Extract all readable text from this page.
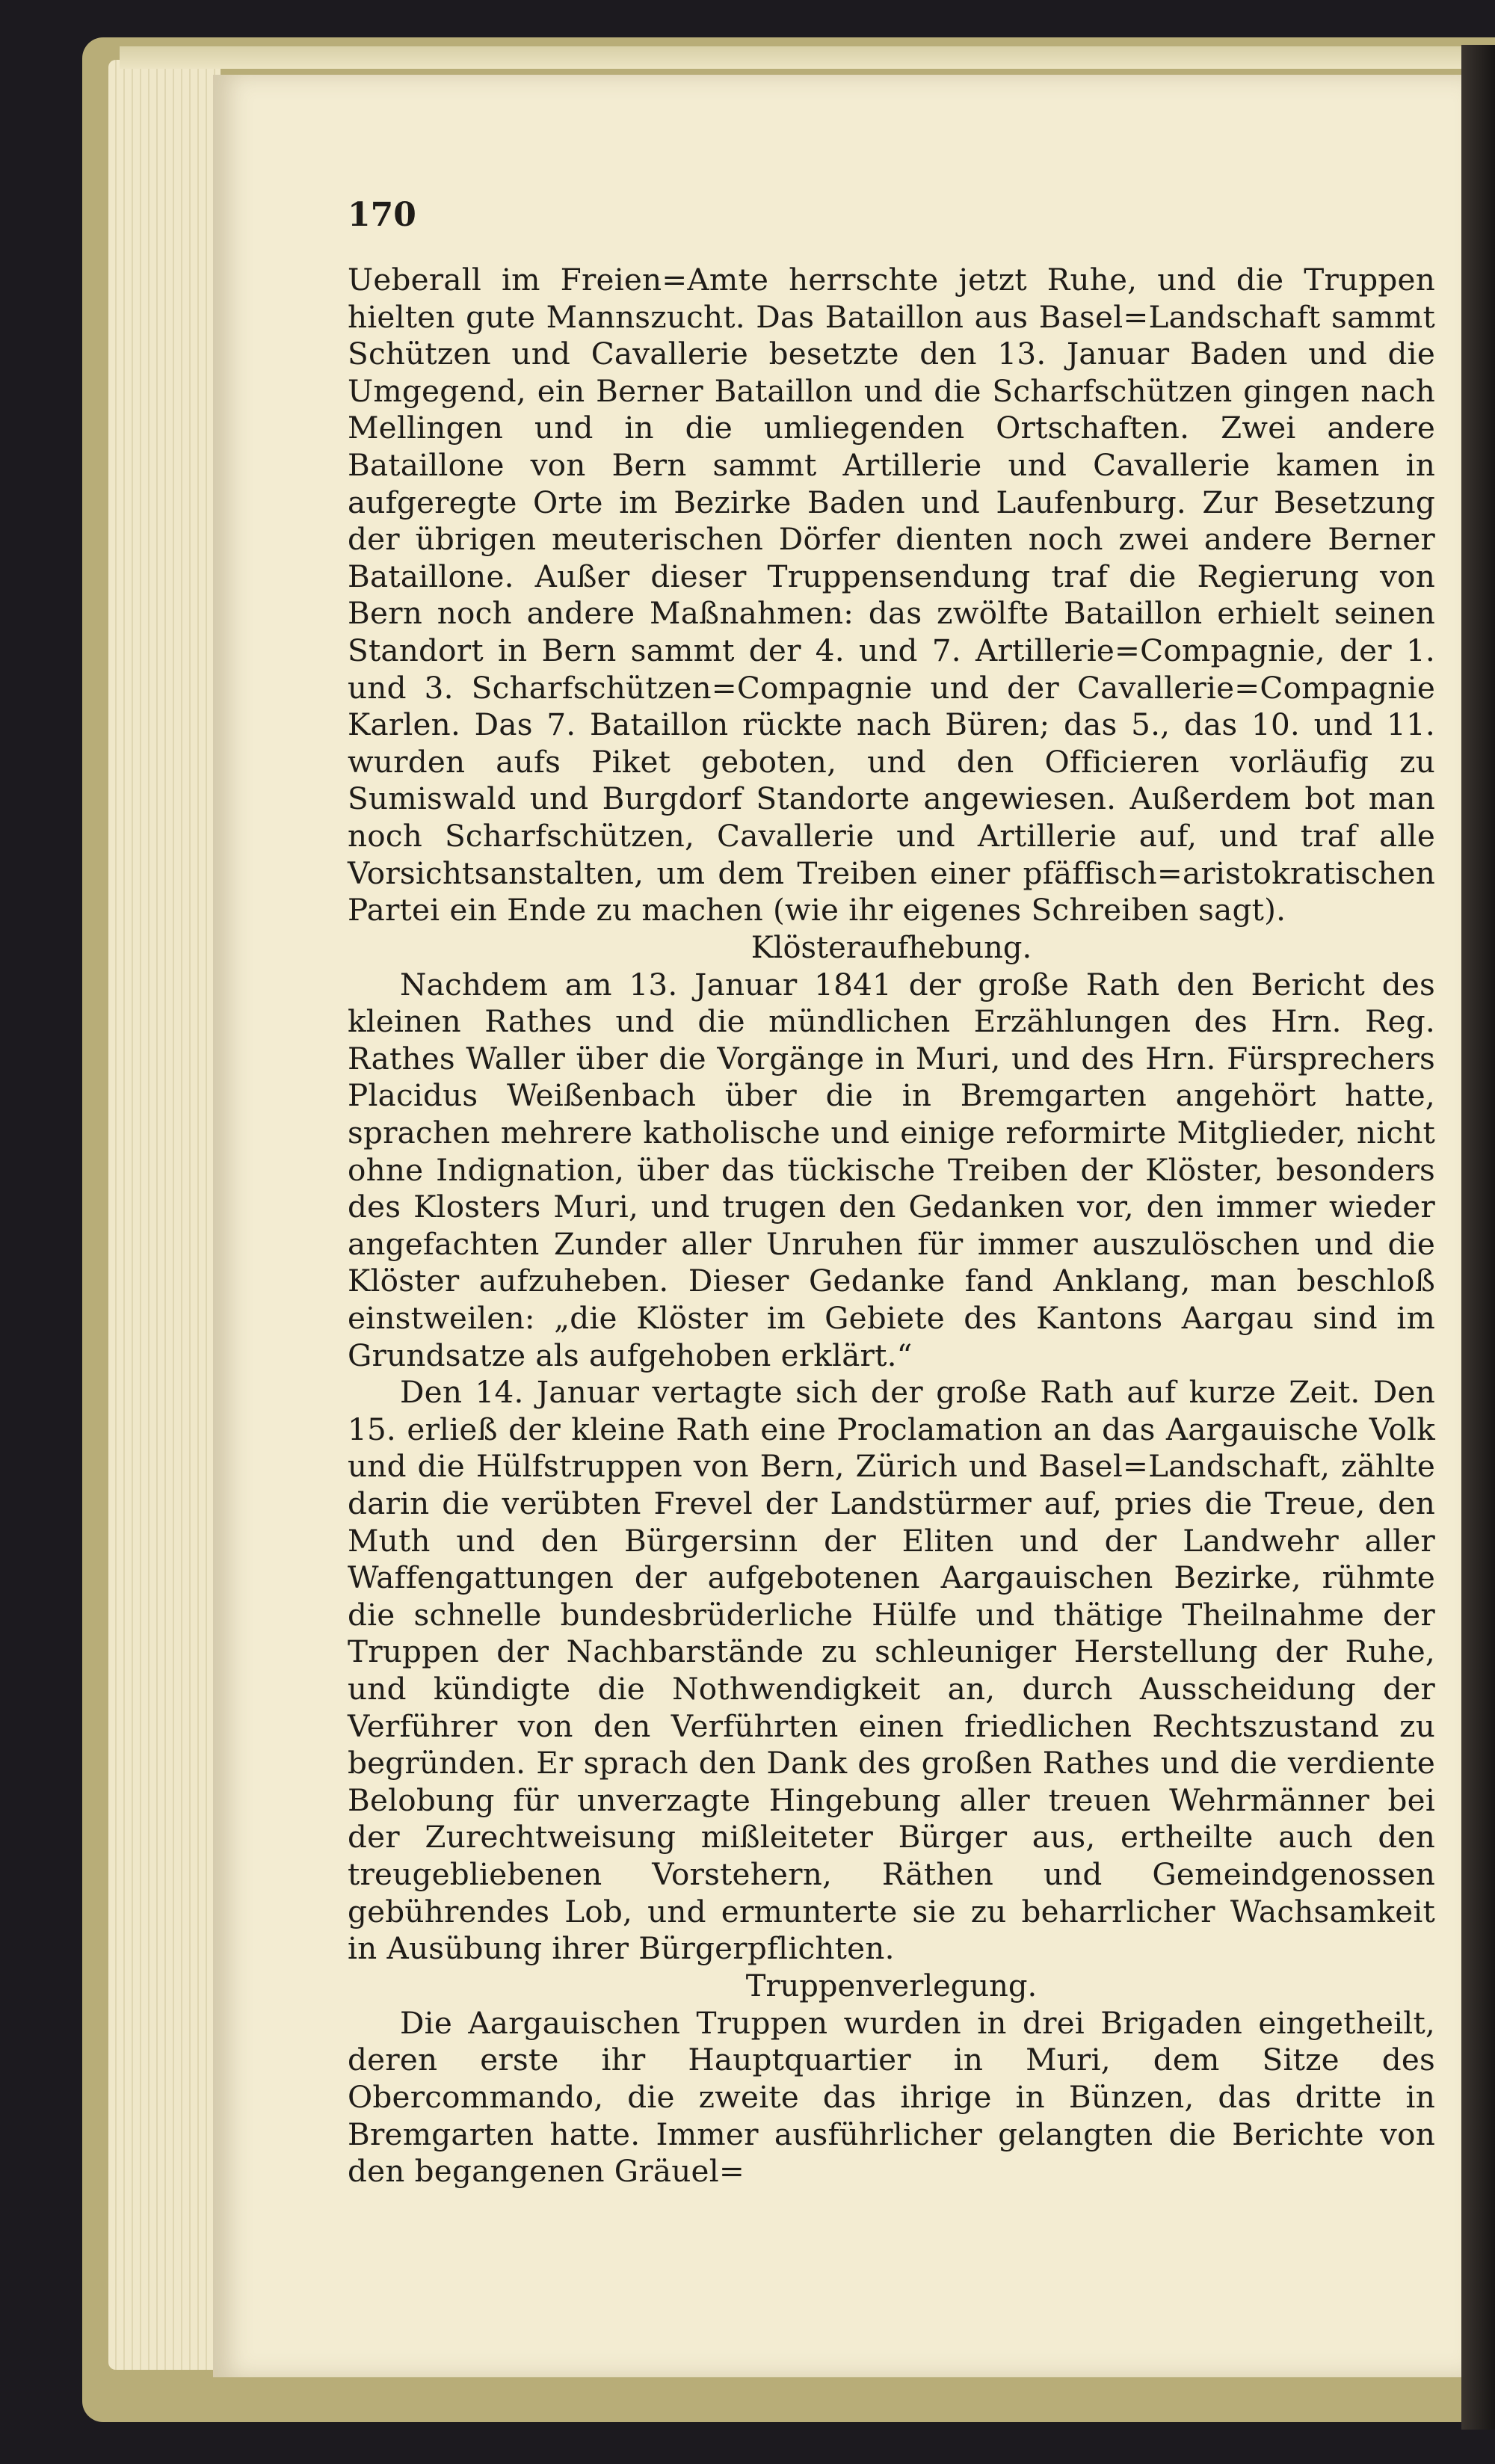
170

Ueberall im Freien=Amte herrschte jetzt Ruhe, und die Truppen hielten gute Mannszucht. Das Bataillon aus Basel=Landschaft sammt Schützen und Cavallerie besetzte den 13. Januar Baden und die Umgegend, ein Berner Bataillon und die Scharfschützen gingen nach Mellingen und in die umliegenden Ortschaften. Zwei andere Bataillone von Bern sammt Artillerie und Cavallerie kamen in aufgeregte Orte im Bezirke Baden und Laufenburg. Zur Besetzung der übrigen meuterischen Dörfer dienten noch zwei andere Berner Bataillone. Außer dieser Truppensendung traf die Regierung von Bern noch andere Maßnahmen: das zwölfte Bataillon erhielt seinen Standort in Bern sammt der 4. und 7. Artillerie=Compagnie, der 1. und 3. Scharfschützen=Compagnie und der Cavallerie=Compagnie Karlen. Das 7. Bataillon rückte nach Büren; das 5., das 10. und 11. wurden aufs Piket geboten, und den Officieren vorläufig zu Sumiswald und Burgdorf Standorte angewiesen. Außerdem bot man noch Scharfschützen, Cavallerie und Artillerie auf, und traf alle Vorsichtsanstalten, um dem Treiben einer pfäffisch=aristokratischen Partei ein Ende zu machen (wie ihr eigenes Schreiben sagt).

Klösteraufhebung.

Nachdem am 13. Januar 1841 der große Rath den Bericht des kleinen Rathes und die mündlichen Erzählungen des Hrn. Reg. Rathes Waller über die Vorgänge in Muri, und des Hrn. Fürsprechers Placidus Weißenbach über die in Bremgarten angehört hatte, sprachen mehrere katholische und einige reformirte Mitglieder, nicht ohne Indignation, über das tückische Treiben der Klöster, besonders des Klosters Muri, und trugen den Gedanken vor, den immer wieder angefachten Zunder aller Unruhen für immer auszulöschen und die Klöster aufzuheben. Dieser Gedanke fand Anklang, man beschloß einstweilen: „die Klöster im Gebiete des Kantons Aargau sind im Grundsatze als aufgehoben erklärt.“

Den 14. Januar vertagte sich der große Rath auf kurze Zeit. Den 15. erließ der kleine Rath eine Proclamation an das Aargauische Volk und die Hülfstruppen von Bern, Zürich und Basel=Landschaft, zählte darin die verübten Frevel der Landstürmer auf, pries die Treue, den Muth und den Bürgersinn der Eliten und der Landwehr aller Waffengattungen der aufgebotenen Aargauischen Bezirke, rühmte die schnelle bundesbrüderliche Hülfe und thätige Theilnahme der Truppen der Nachbarstände zu schleuniger Herstellung der Ruhe, und kündigte die Nothwendigkeit an, durch Ausscheidung der Verführer von den Verführten einen friedlichen Rechtszustand zu begründen. Er sprach den Dank des großen Rathes und die verdiente Belobung für unverzagte Hingebung aller treuen Wehrmänner bei der Zurechtweisung mißleiteter Bürger aus, ertheilte auch den treugebliebenen Vorstehern, Räthen und Gemeindgenossen gebührendes Lob, und ermunterte sie zu beharrlicher Wachsamkeit in Ausübung ihrer Bürgerpflichten.

Truppenverlegung.

Die Aargauischen Truppen wurden in drei Brigaden eingetheilt, deren erste ihr Hauptquartier in Muri, dem Sitze des Obercommando, die zweite das ihrige in Bünzen, das dritte in Bremgarten hatte. Immer ausführlicher gelangten die Berichte von den begangenen Gräuel=
